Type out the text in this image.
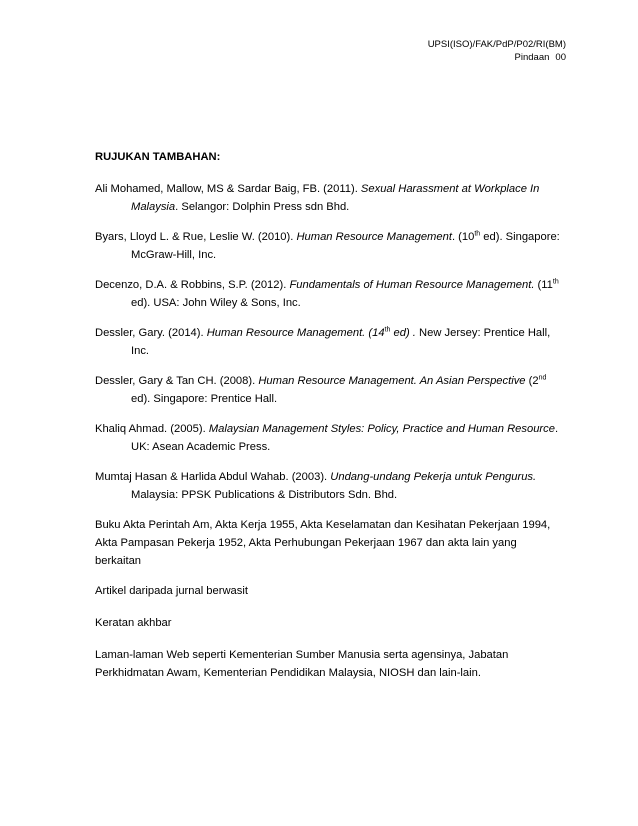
UPSI(ISO)/FAK/PdP/P02/RI(BM)
Pindaan 00

RUJUKAN TAMBAHAN:

Ali Mohamed, Mallow, MS & Sardar Baig, FB. (2011). Sexual Harassment at Workplace In Malaysia. Selangor: Dolphin Press sdn Bhd.

Byars, Lloyd L. & Rue, Leslie W. (2010). Human Resource Management. (10th ed). Singapore: McGraw-Hill, Inc.

Decenzo, D.A. & Robbins, S.P. (2012). Fundamentals of Human Resource Management. (11th ed). USA: John Wiley & Sons, Inc.

Dessler, Gary. (2014). Human Resource Management. (14th ed) . New Jersey: Prentice Hall, Inc.

Dessler, Gary & Tan CH. (2008). Human Resource Management. An Asian Perspective (2nd ed). Singapore: Prentice Hall.

Khaliq Ahmad. (2005). Malaysian Management Styles: Policy, Practice and Human Resource. UK: Asean Academic Press.

Mumtaj Hasan & Harlida Abdul Wahab. (2003). Undang-undang Pekerja untuk Pengurus. Malaysia: PPSK Publications & Distributors Sdn. Bhd.

Buku Akta Perintah Am, Akta Kerja 1955, Akta Keselamatan dan Kesihatan Pekerjaan 1994, Akta Pampasan Pekerja 1952, Akta Perhubungan Pekerjaan 1967 dan akta lain yang berkaitan

Artikel daripada jurnal berwasit

Keratan akhbar

Laman-laman Web seperti Kementerian Sumber Manusia serta agensinya, Jabatan Perkhidmatan Awam, Kementerian Pendidikan Malaysia, NIOSH dan lain-lain.
